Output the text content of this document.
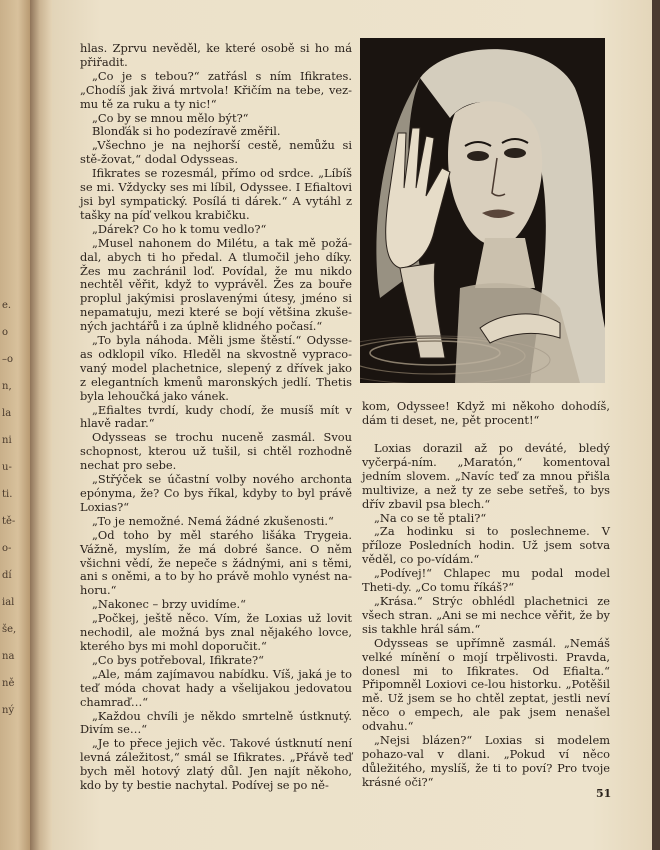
e.
o
–o
n,
la
ni
u-
ti.
tě-
o-
dí
ial
še,
na
ně
ný

hlas. Zprvu nevěděl, ke které osobě si ho má přiřadit.

„Co je s tebou?“ zatřásl s ním Ifikrates. „Chodíš jak živá mrtvola! Křičím na tebe, vez-mu tě za ruku a ty nic!“

„Co by se mnou mělo být?“

Blonďák si ho podezíravě změřil.

„Všechno je na nejhorší cestě, nemůžu si stě-žovat,“ dodal Odysseas.

Ifikrates se rozesmál, přímo od srdce. „Líbíš se mi. Vždycky ses mi líbil, Odyssee. I Efialtovi jsi byl sympatický. Posílá ti dárek.“ A vytáhl z tašky na píď velkou krabičku.

„Dárek? Co ho k tomu vedlo?“

„Musel nahonem do Milétu, a tak mě požá-dal, abych ti ho předal. A tlumočil jeho díky. Žes mu zachránil loď. Povídal, že mu nikdo nechtěl věřit, když to vyprávěl. Žes za bouře proplul jakýmisi proslavenými útesy, jméno si nepamatuju, mezi které se bojí většina zkuše-ných jachtářů i za úplně klidného počasí.“

„To byla náhoda. Měli jsme štěstí.“ Odysse-as odklopil víko. Hleděl na skvostně vypraco-vaný model plachetnice, slepený z dřívek jako z elegantních kmenů maronských jedlí. Thetis byla lehoučká jako vánek.

„Efialtes tvrdí, kudy chodí, že musíš mít v hlavě radar.“

Odysseas se trochu nuceně zasmál. Svou schopnost, kterou už tušil, si chtěl rozhodně nechat pro sebe.

„Střýček se účastní volby nového archonta epónyma, že? Co bys říkal, kdyby to byl právě Loxias?“

„To je nemožné. Nemá žádné zkušenosti.“

„Od toho by měl starého lišáka Trygeia. Vážně, myslím, že má dobré šance. O něm všichni vědí, že nepeče s žádnými, ani s těmi, ani s oněmi, a to by ho právě mohlo vynést na-horu.“

„Nakonec – brzy uvidíme.“

„Počkej, ještě něco. Vím, že Loxias už lovit nechodil, ale možná bys znal nějakého lovce, kterého bys mi mohl doporučit.“

„Co bys potřeboval, Ifikrate?“

„Ale, mám zajímavou nabídku. Víš, jaká je to teď móda chovat hady a všelijakou jedovatou chamraď…“

„Každou chvíli je někdo smrtelně ústknutý. Divím se…“

„Je to přece jejich věc. Takové ústknutí není levná záležitost,“ smál se Ifikrates. „Přávě teď bych měl hotový zlatý důl. Jen najít někoho, kdo by ty bestie nachytal. Podívej se po ně-

kom, Odyssee! Když mi někoho dohodíš, dám ti deset, ne, pět procent!“

Loxias dorazil až po deváté, bledý vyčerpá-ním. „Maratón,“ komentoval jedním slovem. „Navíc teď za mnou přišla multivize, a než ty ze sebe setřeš, to bys dřív zbavil psa blech.“

„Na co se tě ptali?“

„Za hodinku si to poslechneme. V příloze Posledních hodin. Už jsem sotva věděl, co po-vídám.“

„Podívej!“ Chlapec mu podal model Theti-dy. „Co tomu říkáš?“

„Krása.“ Strýc obhlédl plachetnici ze všech stran. „Ani se mi nechce věřit, že by sis takhle hrál sám.“

Odysseas se upřímně zasmál. „Nemáš velké mínění o mojí trpělivosti. Pravda, donesl mi to Ifikrates. Od Efialta.“ Připomněl Loxiovi ce-lou historku. „Potěšil mě. Už jsem se ho chtěl zeptat, jestli neví něco o empech, ale pak jsem nenašel odvahu.“

„Nejsi blázen?“ Loxias si modelem pohazo-val v dlani. „Pokud ví něco důležitého, myslíš, že ti to poví? Pro tvoje krásné oči?“

51
